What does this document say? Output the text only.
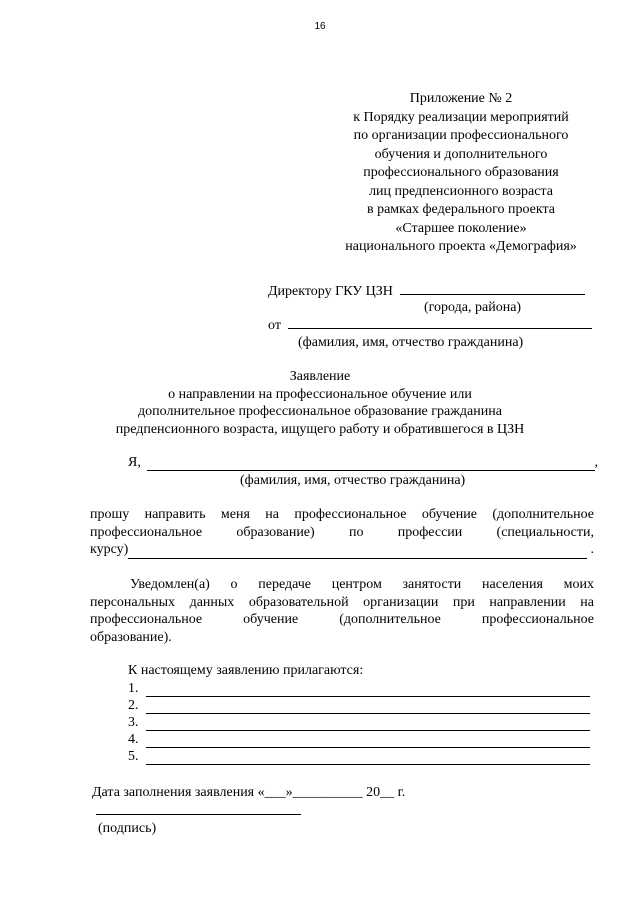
16
Приложение № 2
к Порядку реализации мероприятий
по организации профессионального
обучения и дополнительного
профессионального образования
лиц предпенсионного возраста
в рамках федерального проекта
«Старшее поколение»
национального проекта «Демография»
Директору ГКУ ЦЗН
(города, района)
от
(фамилия, имя, отчество гражданина)
Заявление
о направлении на профессиональное обучение или
дополнительное профессиональное образование гражданина
предпенсионного возраста, ищущего работу и обратившегося в ЦЗН
Я,	,
(фамилия, имя, отчество гражданина)
прошу направить меня на профессиональное обучение (дополнительное
профессиональное образование) по профессии (специальности,
курсу)	.
Уведомлен(а) о передаче центром занятости населения моих
персональных данных образовательной организации при направлении на
профессиональное обучение (дополнительное профессиональное
образование).
К настоящему заявлению прилагаются:
1.
2.
3.
4.
5.
Дата заполнения заявления «___»__________ 20__ г.
(подпись)
